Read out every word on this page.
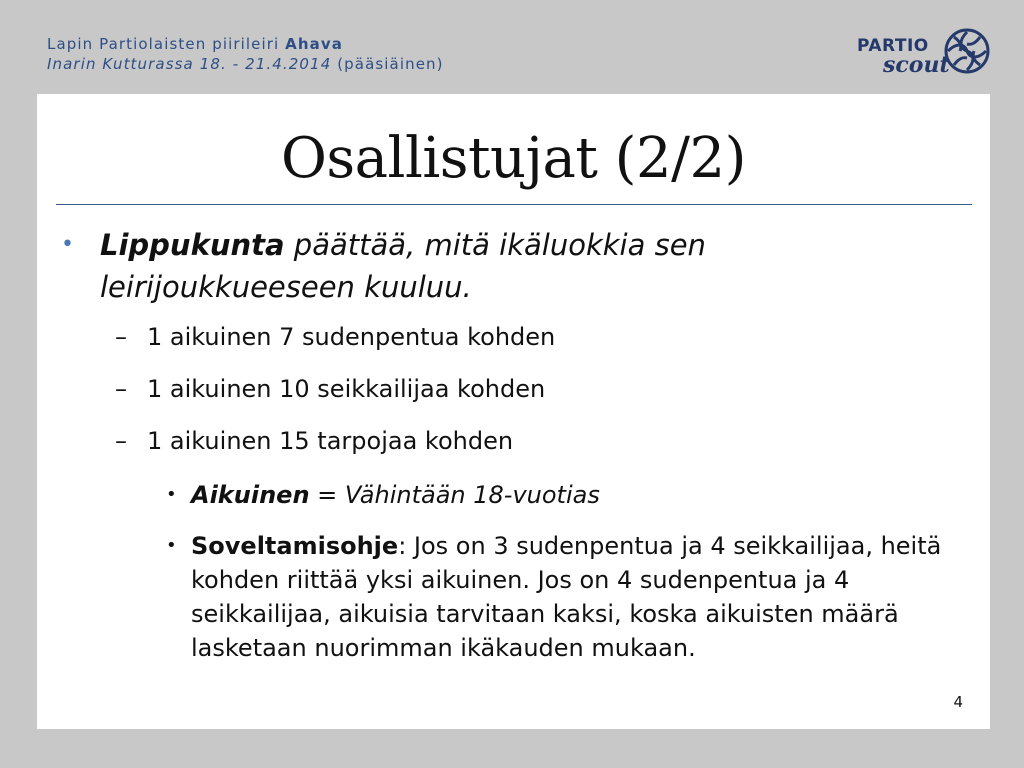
Lapin Partiolaisten piirileiri Ahava
Inarin Kutturassa 18. - 21.4.2014 (pääsiäinen)
PARTIO
scout
Osallistujat (2/2)
• Lippukunta päättää, mitä ikäluokkia sen leirijoukkueeseen kuuluu.
– 1 aikuinen 7 sudenpentua kohden
– 1 aikuinen 10 seikkailijaa kohden
– 1 aikuinen 15 tarpojaa kohden
• Aikuinen = Vähintään 18-vuotias
• Soveltamisohje: Jos on 3 sudenpentua ja 4 seikkailijaa, heitä kohden riittää yksi aikuinen. Jos on 4 sudenpentua ja 4 seikkailijaa, aikuisia tarvitaan kaksi, koska aikuisten määrä lasketaan nuorimman ikäkauden mukaan.
4
